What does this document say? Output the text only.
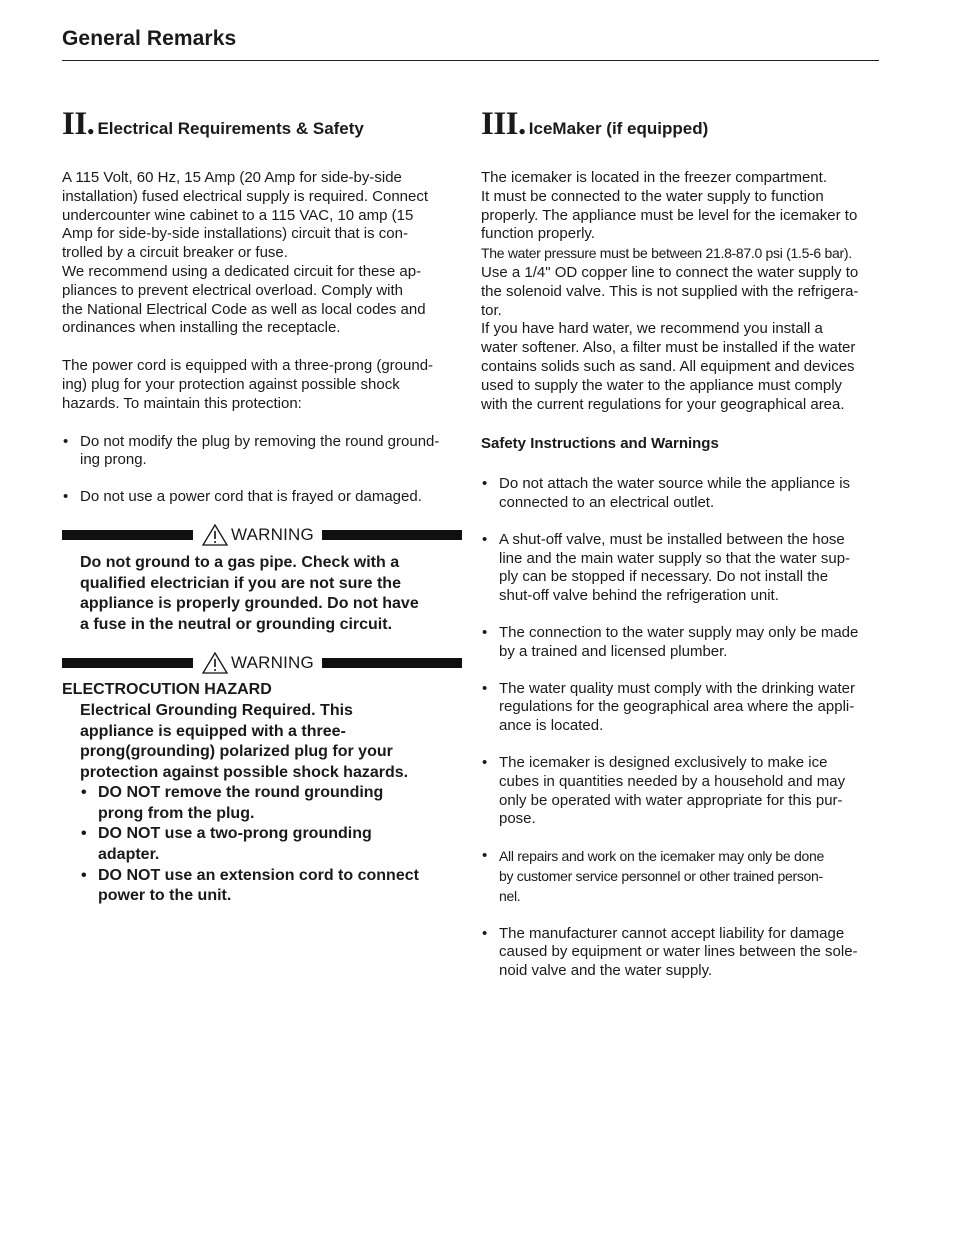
General Remarks
II. Electrical Requirements & Safety

A 115 Volt, 60 Hz, 15 Amp (20 Amp for side-by-side
installation) fused electrical supply is required. Connect
undercounter wine cabinet to a 115 VAC, 10 amp (15
Amp for side-by-side installations) circuit that is con-
trolled by a circuit breaker or fuse.
We recommend using a dedicated circuit for these ap-
pliances to prevent electrical overload. Comply with
the National Electrical Code as well as local codes and
ordinances when installing the receptacle.

The power cord is equipped with a three-prong (ground-
ing) plug for your protection against possible shock
hazards. To maintain this protection:

• Do not modify the plug by removing the round ground-
ing prong.
• Do not use a power cord that is frayed or damaged.
WARNING
Do not ground to a gas pipe. Check with a
qualified electrician if you are not sure the
appliance is properly grounded. Do not have
a fuse in the neutral or grounding circuit.
WARNING
ELECTROCUTION HAZARD
Electrical Grounding Required. This
appliance is equipped with a three-
prong(grounding) polarized plug for your
protection against possible shock hazards.
• DO NOT remove the round grounding
prong from the plug.
• DO NOT use a two-prong grounding
adapter.
• DO NOT use an extension cord to connect
power to the unit.
III. IceMaker (if equipped)

The icemaker is located in the freezer compartment.
It must be connected to the water supply to function
properly. The appliance must be level for the icemaker to
function properly.
The water pressure must be between 21.8-87.0 psi (1.5-6 bar).
Use a 1/4" OD copper line to connect the water supply to
the solenoid valve. This is not supplied with the refrigera-
tor.
If you have hard water, we recommend you install a
water softener. Also, a filter must be installed if the water
contains solids such as sand. All equipment and devices
used to supply the water to the appliance must comply
with the current regulations for your geographical area.

Safety Instructions and Warnings
• Do not attach the water source while the appliance is
connected to an electrical outlet.
• A shut-off valve, must be installed between the hose
line and the main water supply so that the water sup-
ply can be stopped if necessary. Do not install the
shut-off valve behind the refrigeration unit.
• The connection to the water supply may only be made
by a trained and licensed plumber.
• The water quality must comply with the drinking water
regulations for the geographical area where the appli-
ance is located.
• The icemaker is designed exclusively to make ice
cubes in quantities needed by a household and may
only be operated with water appropriate for this pur-
pose.
• All repairs and work on the icemaker may only be done
by customer service personnel or other trained person-
nel.
• The manufacturer cannot accept liability for damage
caused by equipment or water lines between the sole-
noid valve and the water supply.
